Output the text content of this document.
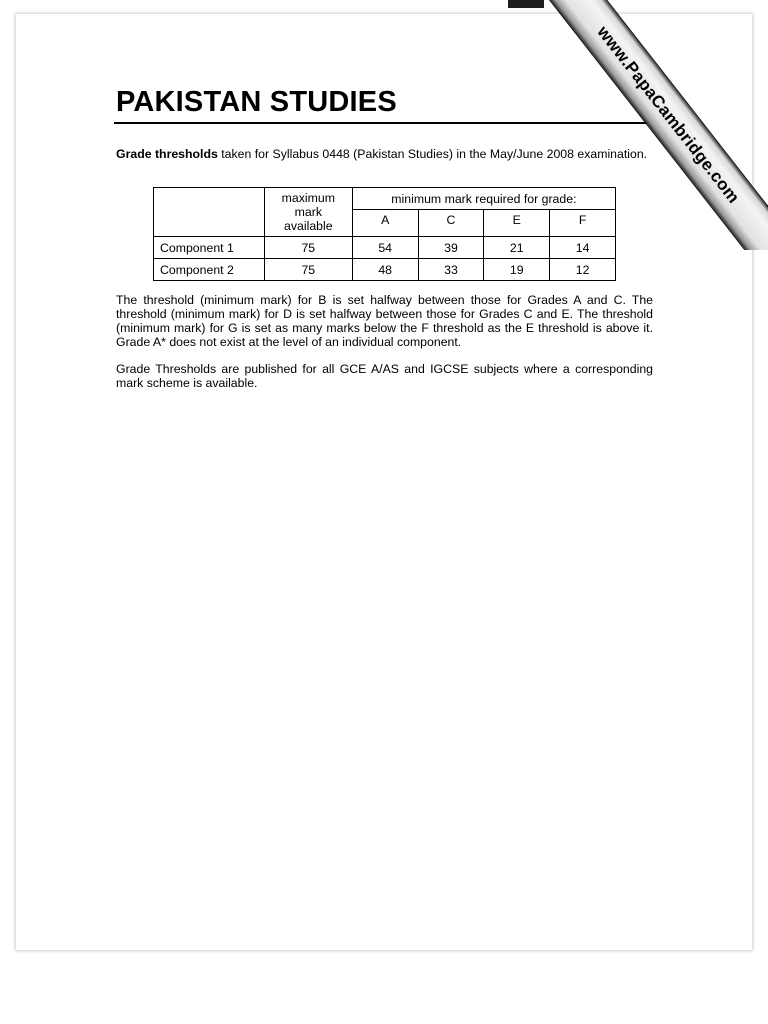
PAKISTAN STUDIES

Grade thresholds taken for Syllabus 0448 (Pakistan Studies) in the May/June 2008 examination.

	maximum mark available	minimum mark required for grade:			
		A	C	E	F
Component 1	75	54	39	21	14
Component 2	75	48	33	19	12

The threshold (minimum mark) for B is set halfway between those for Grades A and C. The threshold (minimum mark) for D is set halfway between those for Grades C and E. The threshold (minimum mark) for G is set as many marks below the F threshold as the E threshold is above it. Grade A* does not exist at the level of an individual component.

Grade Thresholds are published for all GCE A/AS and IGCSE subjects where a corresponding mark scheme is available.

www.PapaCambridge.com
